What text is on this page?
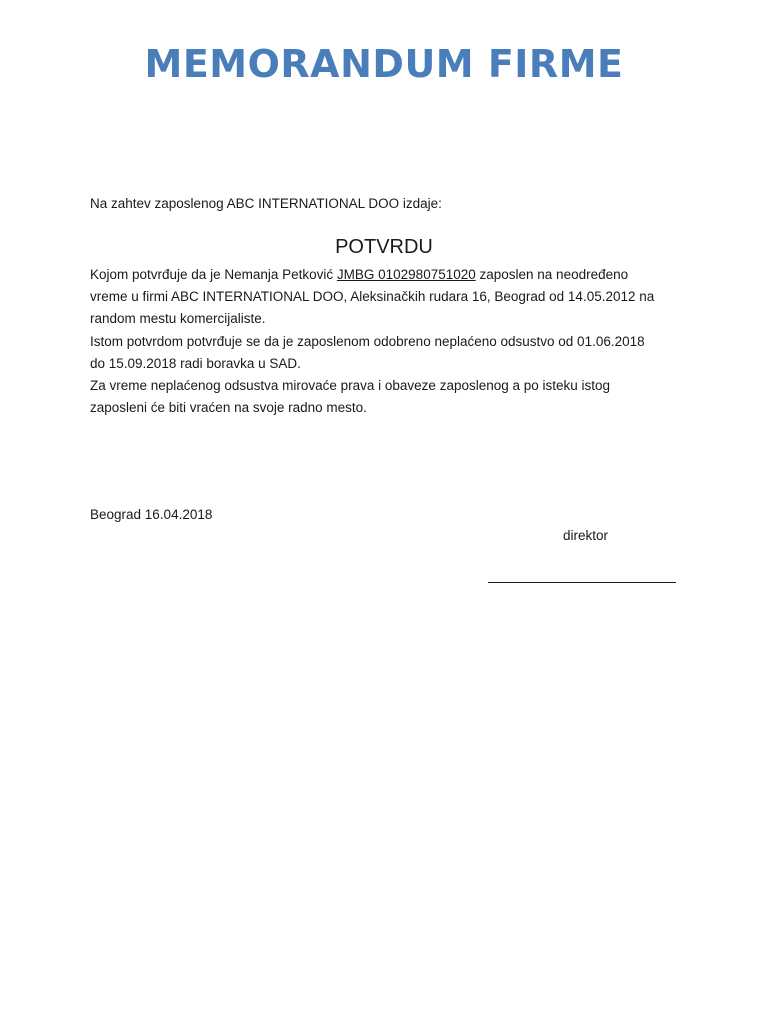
MEMORANDUM FIRME

Na zahtev zaposlenog ABC INTERNATIONAL DOO izdaje:

POTVRDU
Kojom potvrđuje da je Nemanja Petković JMBG 0102980751020 zaposlen na neodređeno
vreme u firmi ABC INTERNATIONAL DOO, Aleksinačkih rudara 16, Beograd od 14.05.2012 na
random mestu komercijaliste.
Istom potvrdom potvrđuje se da je zaposlenom odobreno neplaćeno odsustvo od 01.06.2018
do 15.09.2018 radi boravka u SAD.
Za vreme neplaćenog odsustva mirovaće prava i obaveze zaposlenog a po isteku istog
zaposleni će biti vraćen na svoje radno mesto.

Beograd 16.04.2018

direktor
